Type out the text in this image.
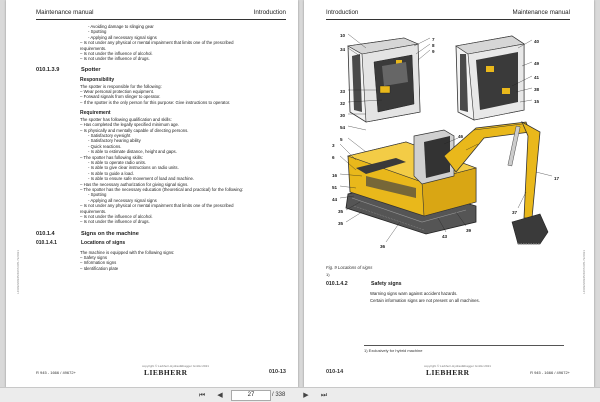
Maintenance manual	Introduction
- Avoiding damage to slinging gear
- Spotting
- Applying all necessary signal signs
– Is not under any physical or mental impairment that limits one of the prescribed
requirements.
– Is not under the influence of alcohol.
– Is not under the influence of drugs.
010.1.3.9	Spotter
Responsibility
The spotter is responsible for the following:
– Wear personal protection equipment.
– Forward signals from slinger to operator.
– If the spotter is the only person for this purpose: Give instructions to operator.
Requirement
The spotter has following qualification and skills:
– Has completed the legally specified minimum age.
– Is physically and mentally capable of directing persons.
- Satisfactory eyesight
- Satisfactory hearing ability
- Quick reactions.
- Is able to estimate distance, height and gaps.
– The spotter has following skills:
- Is able to operate radio units.
- Is able to give clear instructions on radio units.
- Is able to guide a load.
- Is able to ensure safe movement of load and machine.
– Has the necessary authorization for giving signal signs.
– The spotter has the necessary education (theoretical and practical) for the following:
- Spotting
- Applying all necessary signal signs
– Is not under any physical or mental impairment that limits one of the prescribed
requirements.
– Is not under the influence of alcohol.
– Is not under the influence of drugs.
010.1.4	Signs on the machine
010.1.4.1	Locations of signs
The machine is equipped with the following signs:
– Safety signs
– Information signs
– Identification plate
LFR/EN/R945/49672/05-72/2021
R 945 - 1666 / 49672+
copyright © Liebherr-Hydraulikbagger GmbH 2021
LIEBHERR	010-13
Introduction	Maintenance manual
10
34
7
8
9
40
33
32
30
54
5
3
6
16
51
44
35
35
36
43
39
41
46
15
17
37
49
38
Fig. 9 Locations of signs
1)
010.1.4.2	Safety signs
Warning signs warn against accident hazards.
Certain information signs are not present on all machines.
1) Exclusively for hybrid machine
LFR/EN/R945/49672/05-72/2021
010-14
copyright © Liebherr-Hydraulikbagger GmbH 2021
LIEBHERR	R 945 - 1666 / 49672+
⏮	◀	27	/ 338	▶	⏭
